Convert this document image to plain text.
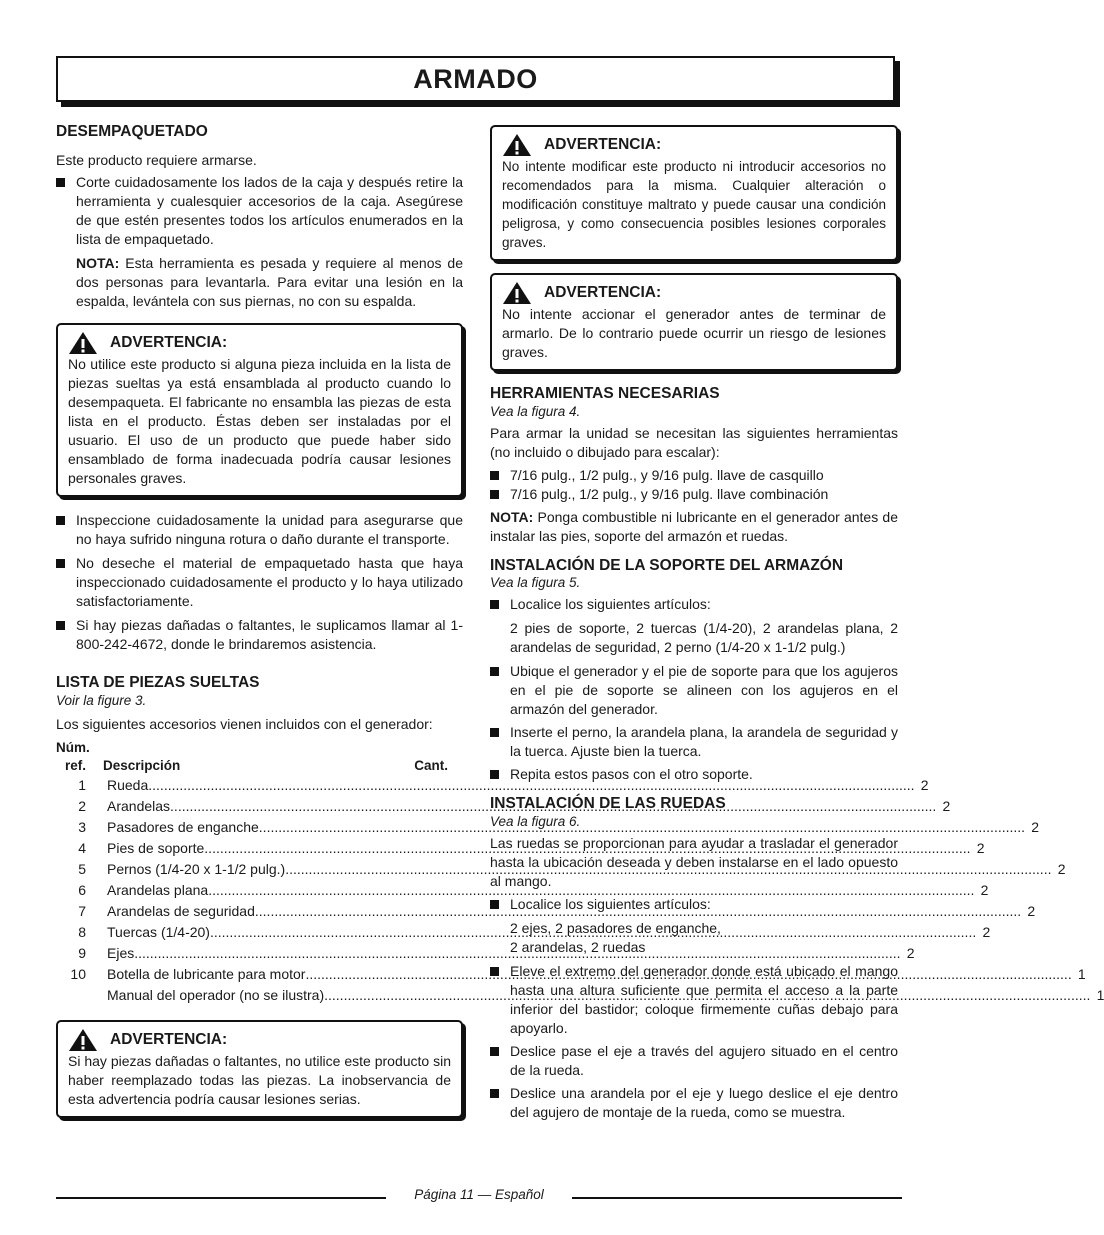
ARMADO
DESEMPAQUETADO

Este producto requiere armarse.

Corte cuidadosamente los lados de la caja y después retire la herramienta y cualesquier accesorios de la caja. Asegúrese de que estén presentes todos los artículos enumerados en la lista de empaquetado.
NOTA: Esta herramienta es pesada y requiere al menos de dos personas para levantarla. Para evitar una lesión en la espalda, levántela con sus piernas, no con su espalda.
ADVERTENCIA:

No utilice este producto si alguna pieza incluida en la lista de piezas sueltas ya está ensamblada al producto cuando lo desempaqueta. El fabricante no ensambla las piezas de esta lista en el producto. Éstas deben ser instaladas por el usuario. El uso de un producto que puede haber sido ensamblado de forma inadecuada podría causar lesiones personales graves.

Inspeccione cuidadosamente la unidad para asegurarse que no haya sufrido ninguna rotura o daño durante el transporte.
No deseche el material de empaquetado hasta que haya inspeccionado cuidadosamente el producto y lo haya utilizado satisfactoriamente.
Si hay piezas dañadas o faltantes, le suplicamos llamar al 1-800-242-4672, donde le brindaremos asistencia.
LISTA DE PIEZAS SUELTAS

Voir la figure 3.

Los siguientes accesorios vienen incluidos con el generador:

Núm.
ref. Descripción	Cant.
1 Rueda .....	2
2 Arandelas .....	2
3 Pasadores de enganche .....	2
4 Pies de soporte .....	2
5 Pernos (1/4-20 x 1-1/2 pulg.) .....	2
6 Arandelas plana .....	2
7 Arandelas de seguridad .....	2
8 Tuercas (1/4-20) .....	2
9 Ejes .....	2
10 Botella de lubricante para motor .....	1
Manual del operador (no se ilustra) .....	1
ADVERTENCIA:

Si hay piezas dañadas o faltantes, no utilice este producto sin haber reemplazado todas las piezas. La inobservancia de esta advertencia podría causar lesiones serias.

ADVERTENCIA:

No intente modificar este producto ni introducir accesorios no recomendados para la misma. Cualquier alteración o modificación constituye maltrato y puede causar una condición peligrosa, y como consecuencia posibles lesiones corporales graves.

ADVERTENCIA:

No intente accionar el generador antes de terminar de armarlo. De lo contrario puede ocurrir un riesgo de lesiones graves.

HERRAMIENTAS NECESARIAS

Vea la figura 4.

Para armar la unidad se necesitan las siguientes herramientas (no incluido o dibujado para escalar):

7/16 pulg., 1/2 pulg., y 9/16 pulg. llave de casquillo
7/16 pulg., 1/2 pulg., y 9/16 pulg. llave combinación

NOTA: Ponga combustible ni lubricante en el generador antes de instalar las pies, soporte del armazón et ruedas.

INSTALACIÓN DE LA SOPORTE DEL ARMAZÓN

Vea la figura 5.

Localice los siguientes artículos:

2 pies de soporte, 2 tuercas (1/4-20), 2 arandelas plana, 2 arandelas de seguridad, 2 perno (1/4-20 x 1-1/2 pulg.)

Ubique el generador y el pie de soporte para que los agujeros en el pie de soporte se alineen con los agujeros en el armazón del generador.
Inserte el perno, la arandela plana, la arandela de seguridad y la tuerca. Ajuste bien la tuerca.
Repita estos pasos con el otro soporte.
INSTALACIÓN DE LAS RUEDAS

Vea la figura 6.

Las ruedas se proporcionan para ayudar a trasladar el generador hasta la ubicación deseada y deben instalarse en el lado opuesto al mango.

Localice los siguientes artículos:

2 ejes, 2 pasadores de enganche,

2 arandelas, 2 ruedas

Eleve el extremo del generador donde está ubicado el mango hasta una altura suficiente que permita el acceso a la parte inferior del bastidor; coloque firmemente cuñas debajo para apoyarlo.
Deslice pase el eje a través del agujero situado en el centro de la rueda.
Deslice una arandela por el eje y luego deslice el eje dentro del agujero de montaje de la rueda, como se muestra.
Página 11 — Español
